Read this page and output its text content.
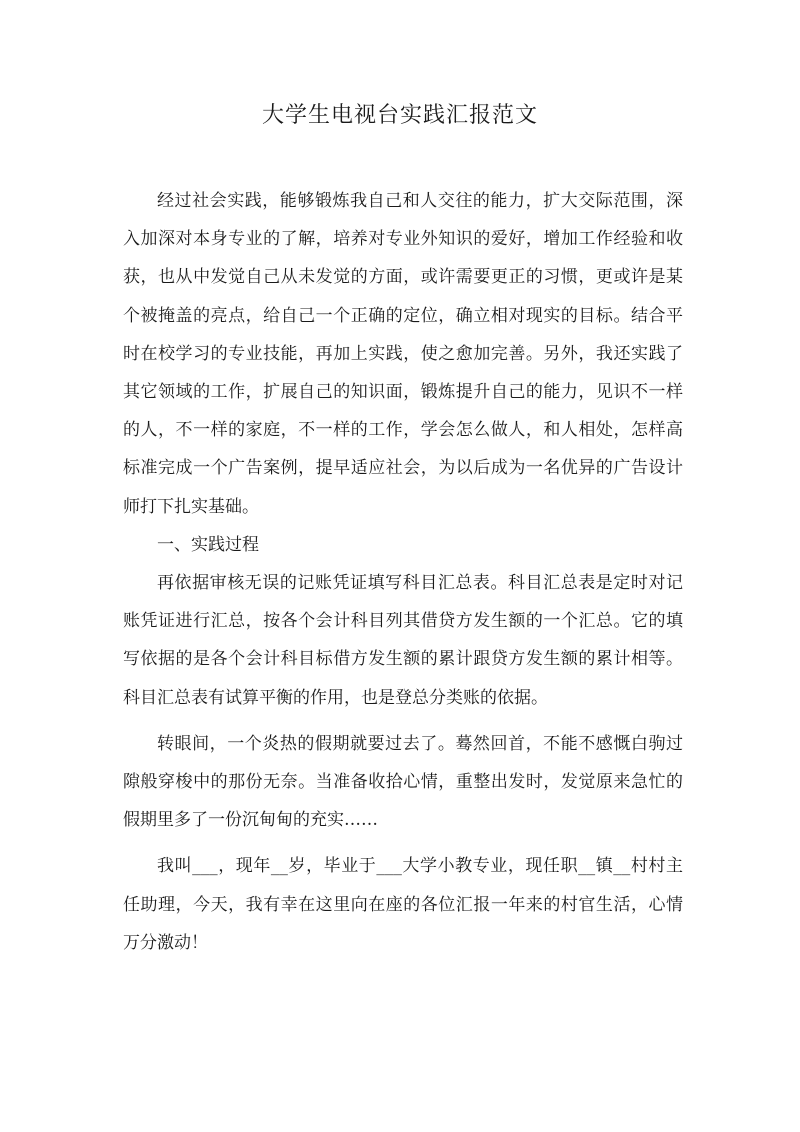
大学生电视台实践汇报范文

经过社会实践，能够锻炼我自己和人交往的能力，扩大交际范围，深入加深对本身专业的了解，培养对专业外知识的爱好，增加工作经验和收获，也从中发觉自己从未发觉的方面，或许需要更正的习惯，更或许是某个被掩盖的亮点，给自己一个正确的定位，确立相对现实的目标。结合平时在校学习的专业技能，再加上实践，使之愈加完善。另外，我还实践了其它领域的工作，扩展自己的知识面，锻炼提升自己的能力，见识不一样的人，不一样的家庭，不一样的工作，学会怎么做人，和人相处，怎样高标准完成一个广告案例，提早适应社会，为以后成为一名优异的广告设计师打下扎实基础。

一、实践过程

再依据审核无误的记账凭证填写科目汇总表。科目汇总表是定时对记账凭证进行汇总，按各个会计科目列其借贷方发生额的一个汇总。它的填写依据的是各个会计科目标借方发生额的累计跟贷方发生额的累计相等。科目汇总表有试算平衡的作用，也是登总分类账的依据。

转眼间，一个炎热的假期就要过去了。蓦然回首，不能不感慨白驹过隙般穿梭中的那份无奈。当准备收拾心情，重整出发时，发觉原来急忙的假期里多了一份沉甸甸的充实……

我叫___，现年__岁，毕业于___大学小教专业，现任职__镇__村村主任助理，今天，我有幸在这里向在座的各位汇报一年来的村官生活，心情万分激动！
